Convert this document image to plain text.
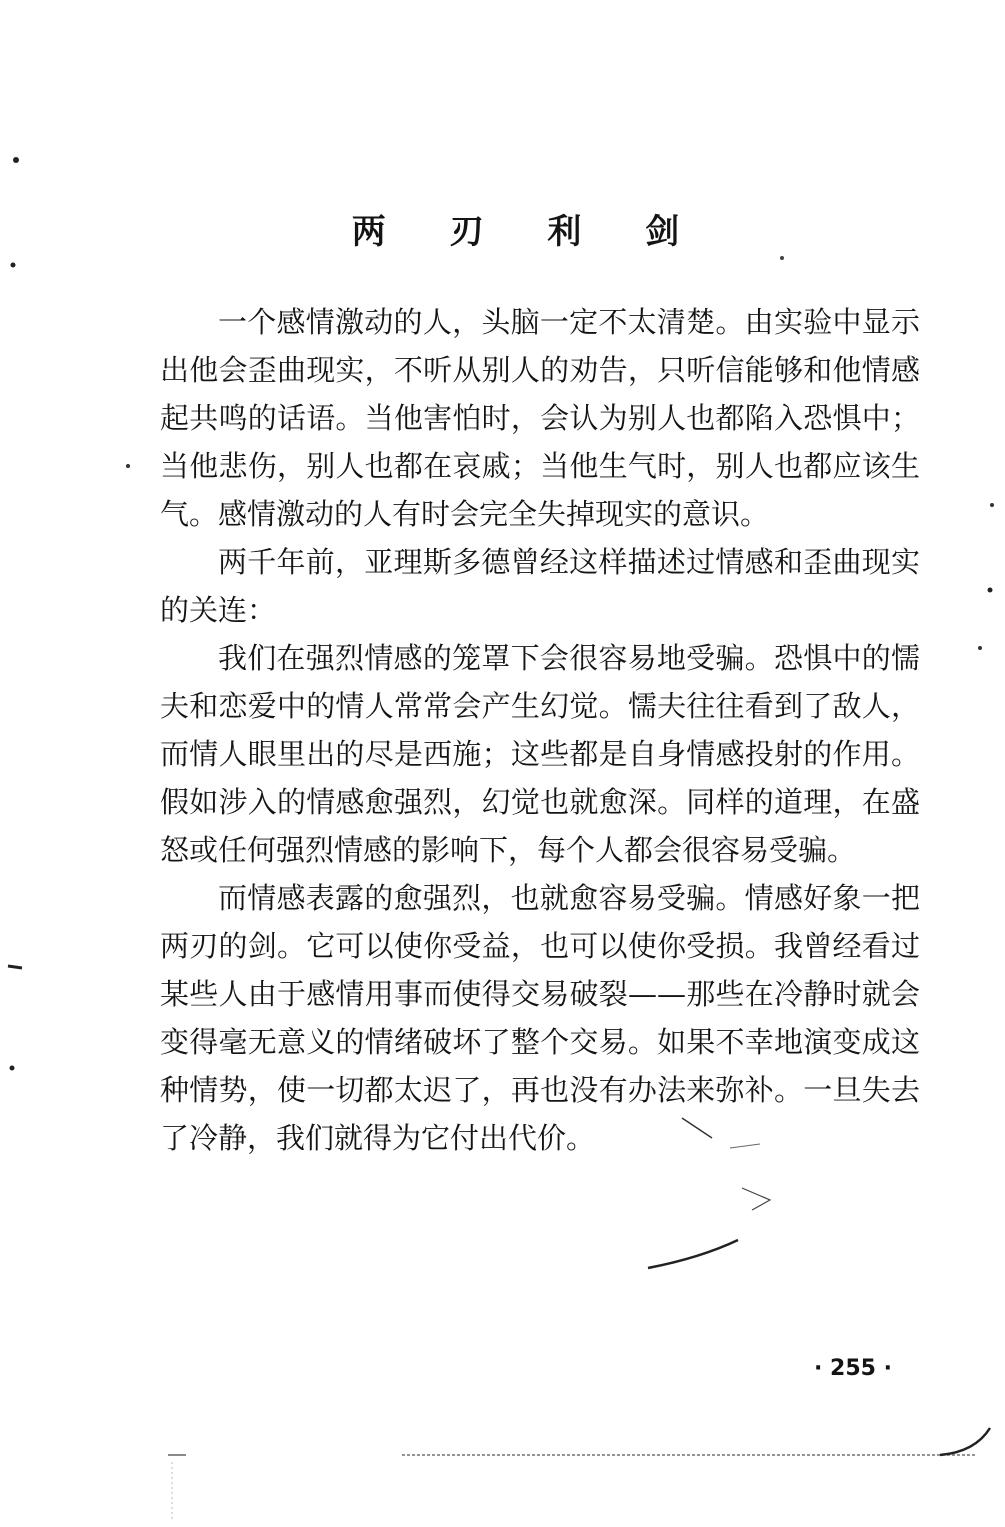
两 刃 利 剑

一个感情激动的人，头脑一定不太清楚。由实验中显示出他会歪曲现实，不听从别人的劝告，只听信能够和他情感起共鸣的话语。当他害怕时，会认为别人也都陷入恐惧中；当他悲伤，别人也都在哀戚；当他生气时，别人也都应该生气。感情激动的人有时会完全失掉现实的意识。

两千年前，亚理斯多德曾经这样描述过情感和歪曲现实的关连：

我们在强烈情感的笼罩下会很容易地受骗。恐惧中的懦夫和恋爱中的情人常常会产生幻觉。懦夫往往看到了敌人，而情人眼里出的尽是西施；这些都是自身情感投射的作用。假如涉入的情感愈强烈，幻觉也就愈深。同样的道理，在盛怒或任何强烈情感的影响下，每个人都会很容易受骗。

而情感表露的愈强烈，也就愈容易受骗。情感好象一把两刃的剑。它可以使你受益，也可以使你受损。我曾经看过某些人由于感情用事而使得交易破裂——那些在冷静时就会变得毫无意义的情绪破坏了整个交易。如果不幸地演变成这种情势，使一切都太迟了，再也没有办法来弥补。一旦失去了冷静，我们就得为它付出代价。

· 255 ·
